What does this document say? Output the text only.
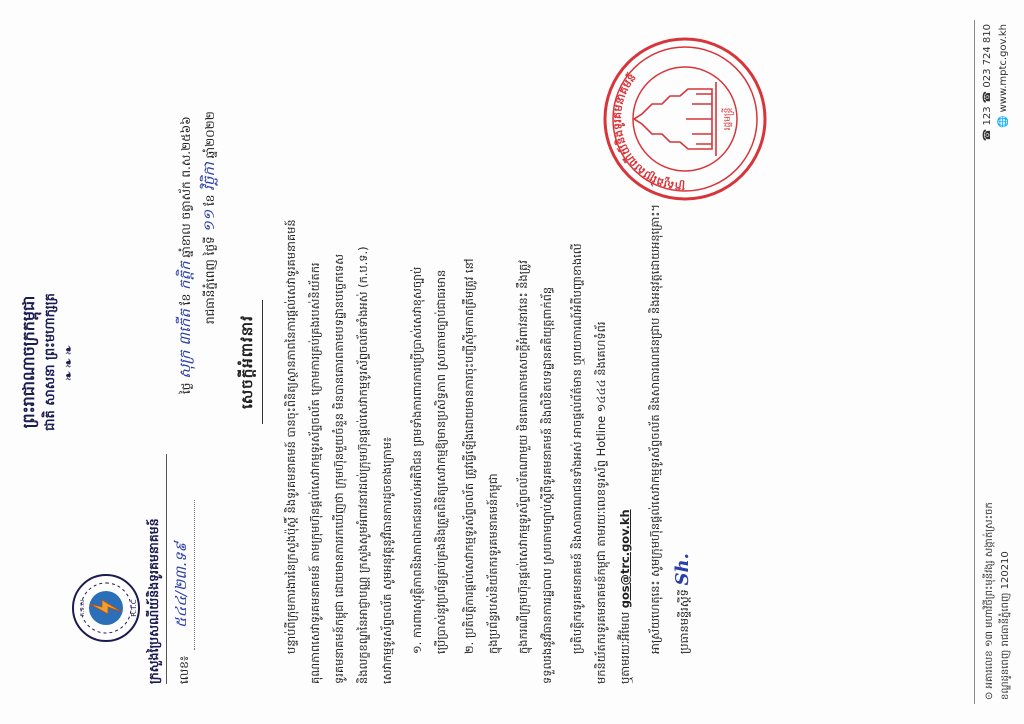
ព្រះរាជាណាចក្រកម្ពុជា ជាតិ សាសនា ព្រះមហាក្សត្រ ❧❧❧
ក.ទ.ស	R.T.C ក្រសួងប្រៃសណីយ៍និងទូរគមនាគមន៍	លេខ៖
៥៤៤/២៣.ទ៩
ថ្ងៃ សុក្រ ៣កើត ខែ កត្តិក ឆ្នាំខាល ចត្វាស័ក ព.ស.២៥៦៦
រាជធានីភ្នំពេញ ថ្ងៃទី ១១ ខែ វិច្ឆិកា ឆ្នាំ២០២២
សេចក្តីអំពាវនាវ	បន្ទាប់ពីក្រុមការងារនៃក្រសួងប៉ុស្តិ៍ និងទូរគមនាគមន៍ បានចុះពិនិត្យស្ថានភាពនៃការផ្តល់សេវាទូរគមនាគមន៍ គុណភាពសេវាទូរគមនាគមន៍ តាមក្រុមហ៊ុនផ្តល់សេវាកម្មទូរស័ព្ទចល័ត ក្រោមការគ្រប់គ្រងរបស់និយ័តករ ទូរគមនាគមន៍កម្ពុជា ដោយមានការរកឃើញថា ក្រុមហ៊ុនមួយចំនួន មិនបានគោរពតាមបទដ្ឋានបច្ចេកទេស និងលក្ខខណ្ឌនៃអាជ្ញាបណ្ណ ក្រសួងសូមអំពាវនាវដល់ក្រុមហ៊ុនផ្តល់សេវាកម្មទូរស័ព្ទចល័តទាំងអស់ (ក.ប.ទ.) សេវាកម្មទូរស័ព្ទចល័ត សូមអនុវត្តនូវវិធានការដូចខាងក្រោម៖ ១. ការពារសុវត្ថិភាពនិងភាពឯកជនរបស់អតិថិជន ព្រមទាំងការពារការប្រើប្រាស់សេវាខុសច្បាប់ ប្រើប្រាស់នូវប្រព័ន្ធគ្រប់គ្រងនិងត្រួតពិនិត្យសេវាកម្មឱ្យមានប្រសិទ្ធភាព ស្របតាមច្បាប់ជាធរមាន ២. ប្រតិបត្តិការផ្តល់សេវាកម្មទូរស័ព្ទចល័ត ត្រូវធ្វើឡើងដោយមានការចុះបញ្ជីស៊ីមកាតត្រឹមត្រូវ នៅ ក្នុងប្រព័ន្ធរបស់និយ័តករទូរគមនាគមន៍កម្ពុជា ក្នុងករណីក្រុមហ៊ុនផ្តល់សេវាកម្មទូរស័ព្ទចល័តណាមួយ មិនគោរពតាមសេចក្តីអំពាវនាវនេះ នឹងត្រូវ ទទួលរងនូវវិធានការរដ្ឋបាល ស្របតាមច្បាប់ស្តីពីទូរគមនាគមន៍ និងលិខិតបទដ្ឋានគតិយុត្តពាក់ព័ន្ធ ប្រតិបត្តិករទូរគមនាគមន៍ និងសាធារណជនទាំងអស់ អាចផ្តល់ព័ត៌មាន ឬរាយការណ៍អំពីបញ្ហាខាងលើ មកនិយ័តករទូរគមនាគមន៍កម្ពុជា តាមរយៈលេខទូរស័ព្ទ Hotline ១៤៤៤ និងគេហទំព័រ ឬតាមរយៈអ៊ីមែល gos@trc.gov.kh អាស្រ័យហេតុនេះ សូមក្រុមហ៊ុនផ្តល់សេវាកម្មទូរស័ព្ទចល័ត និងសាធារណជនជ្រាប និងអនុវត្តដោយអនុគ្រោះ។	ប្រធានមន្ទីរស្តីទី Sh.
ក្រសួងប្រៃសណីយ៍និងទូរគមនាគមន៍
រដ្ឋមន្ត្រី
⊙ អគារលេខ ១៣ មហាវិថីព្រះមុនីវង្ស សង្កាត់ស្រះចក ខណ្ឌដូនពេញ រាជធានីភ្នំពេញ 120210
☎ 123 ☎ 023 724 810 🌐 www.mptc.gov.kh
